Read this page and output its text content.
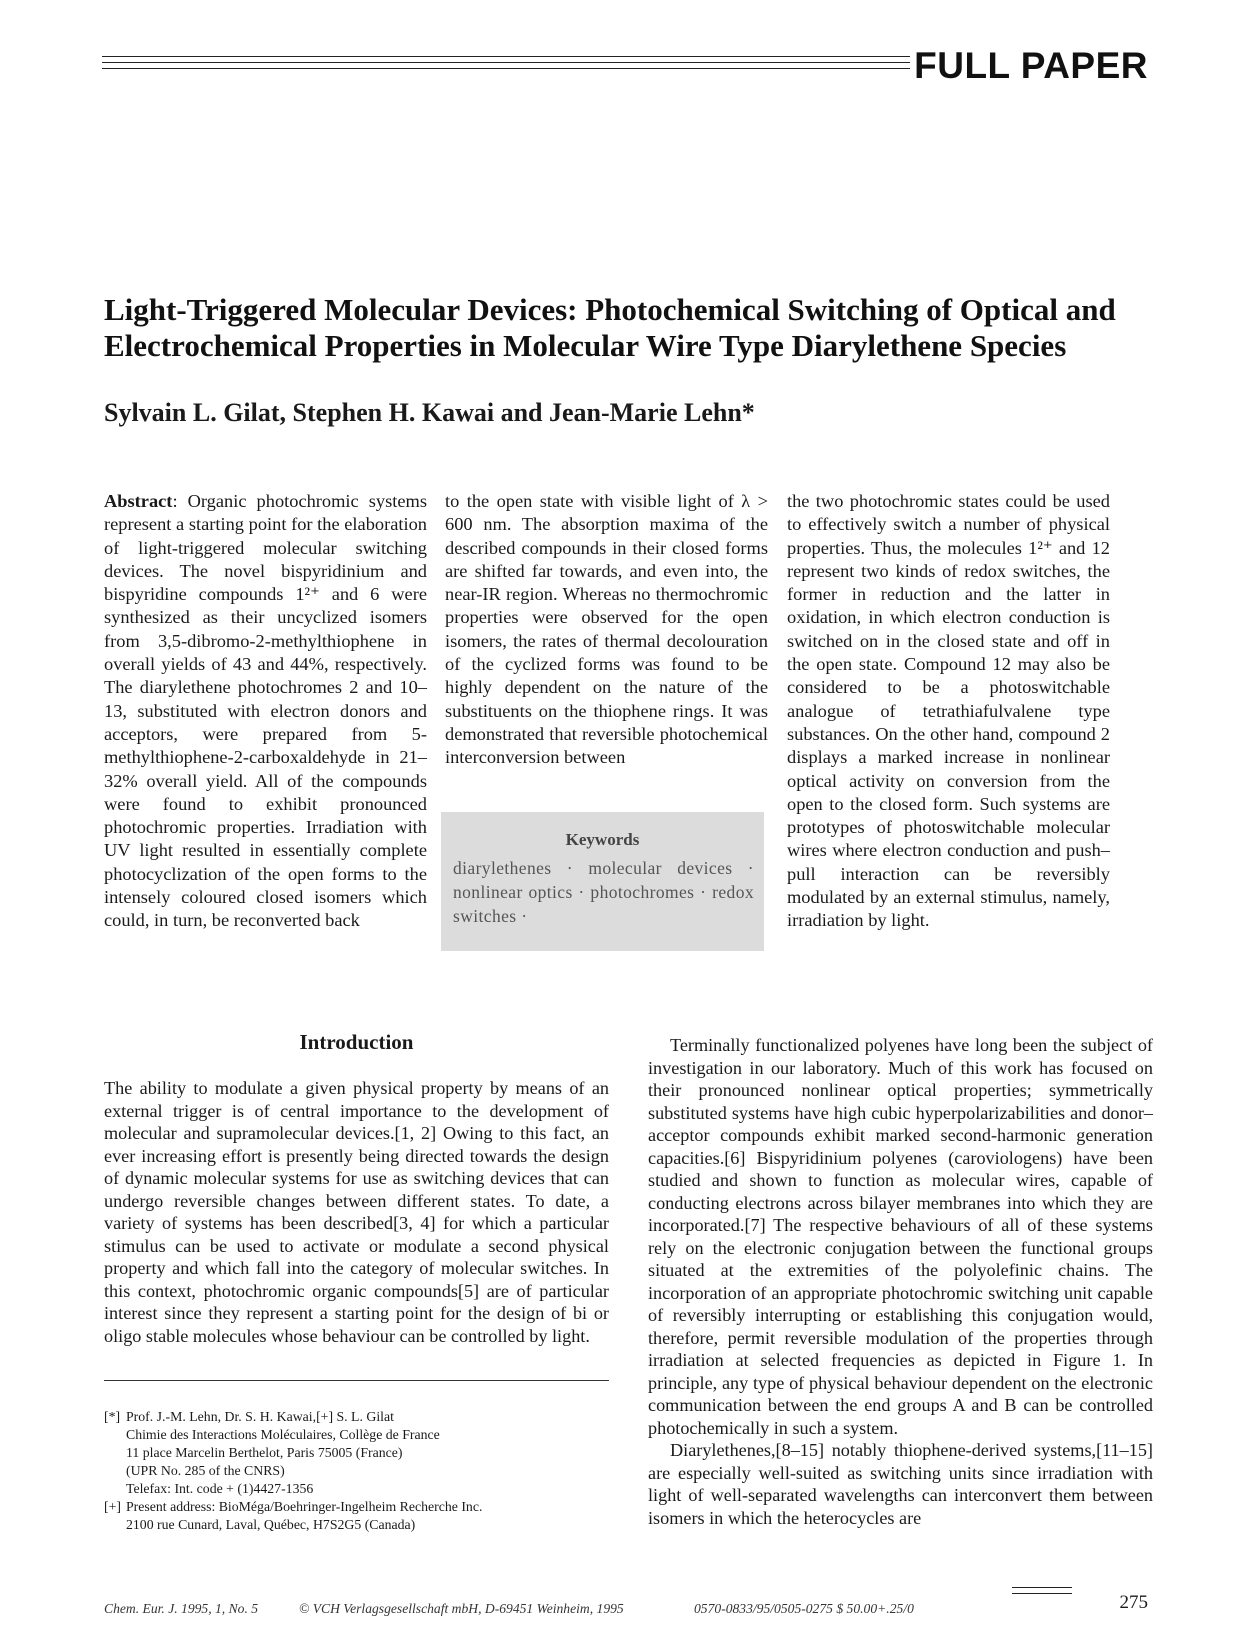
FULL PAPER
Light-Triggered Molecular Devices: Photochemical Switching of Optical and Electrochemical Properties in Molecular Wire Type Diarylethene Species

Sylvain L. Gilat, Stephen H. Kawai and Jean-Marie Lehn*

Abstract: Organic photochromic systems represent a starting point for the elaboration of light-triggered molecular switching devices. The novel bispyridinium and bispyridine compounds 1²⁺ and 6 were synthesized as their uncyclized isomers from 3,5-dibromo-2-methylthiophene in overall yields of 43 and 44%, respectively. The diarylethene photochromes 2 and 10–13, substituted with electron donors and acceptors, were prepared from 5-methylthiophene-2-carboxaldehyde in 21–32% overall yield. All of the compounds were found to exhibit pronounced photochromic properties. Irradiation with UV light resulted in essentially complete photocyclization of the open forms to the intensely coloured closed isomers which could, in turn, be reconverted back

to the open state with visible light of λ > 600 nm. The absorption maxima of the described compounds in their closed forms are shifted far towards, and even into, the near-IR region. Whereas no thermochromic properties were observed for the open isomers, the rates of thermal decolouration of the cyclized forms was found to be highly dependent on the nature of the substituents on the thiophene rings. It was demonstrated that reversible photochemical interconversion between

the two photochromic states could be used to effectively switch a number of physical properties. Thus, the molecules 1²⁺ and 12 represent two kinds of redox switches, the former in reduction and the latter in oxidation, in which electron conduction is switched on in the closed state and off in the open state. Compound 12 may also be considered to be a photoswitchable analogue of tetrathiafulvalene type substances. On the other hand, compound 2 displays a marked increase in nonlinear optical activity on conversion from the open to the closed form. Such systems are prototypes of photoswitchable molecular wires where electron conduction and push–pull interaction can be reversibly modulated by an external stimulus, namely, irradiation by light.

Keywords
diarylethenes · molecular devices · nonlinear optics · photochromes · redox switches ·
Introduction

The ability to modulate a given physical property by means of an external trigger is of central importance to the development of molecular and supramolecular devices.[1, 2] Owing to this fact, an ever increasing effort is presently being directed towards the design of dynamic molecular systems for use as switching devices that can undergo reversible changes between different states. To date, a variety of systems has been described[3, 4] for which a particular stimulus can be used to activate or modulate a second physical property and which fall into the category of molecular switches. In this context, photochromic organic compounds[5] are of particular interest since they represent a starting point for the design of bi or oligo stable molecules whose behaviour can be controlled by light.

Terminally functionalized polyenes have long been the subject of investigation in our laboratory. Much of this work has focused on their pronounced nonlinear optical properties; symmetrically substituted systems have high cubic hyperpolarizabilities and donor–acceptor compounds exhibit marked second-harmonic generation capacities.[6] Bispyridinium polyenes (caroviologens) have been studied and shown to function as molecular wires, capable of conducting electrons across bilayer membranes into which they are incorporated.[7] The respective behaviours of all of these systems rely on the electronic conjugation between the functional groups situated at the extremities of the polyolefinic chains. The incorporation of an appropriate photochromic switching unit capable of reversibly interrupting or establishing this conjugation would, therefore, permit reversible modulation of the properties through irradiation at selected frequencies as depicted in Figure 1. In principle, any type of physical behaviour dependent on the electronic communication between the end groups A and B can be controlled photochemically in such a system.

Diarylethenes,[8–15] notably thiophene-derived systems,[11–15] are especially well-suited as switching units since irradiation with light of well-separated wavelengths can interconvert them between isomers in which the heterocycles are

[*] Prof. J.-M. Lehn, Dr. S. H. Kawai,[+] S. L. Gilat
Chimie des Interactions Moléculaires, Collège de France
11 place Marcelin Berthelot, Paris 75005 (France)
(UPR No. 285 of the CNRS)
Telefax: Int. code + (1)4427-1356
[+] Present address: BioMéga/Boehringer-Ingelheim Recherche Inc.
2100 rue Cunard, Laval, Québec, H7S2G5 (Canada)
Chem. Eur. J. 1995, 1, No. 5	© VCH Verlagsgesellschaft mbH, D-69451 Weinheim, 1995	0570-0833/95/0505-0275 $ 50.00+.25/0	275
